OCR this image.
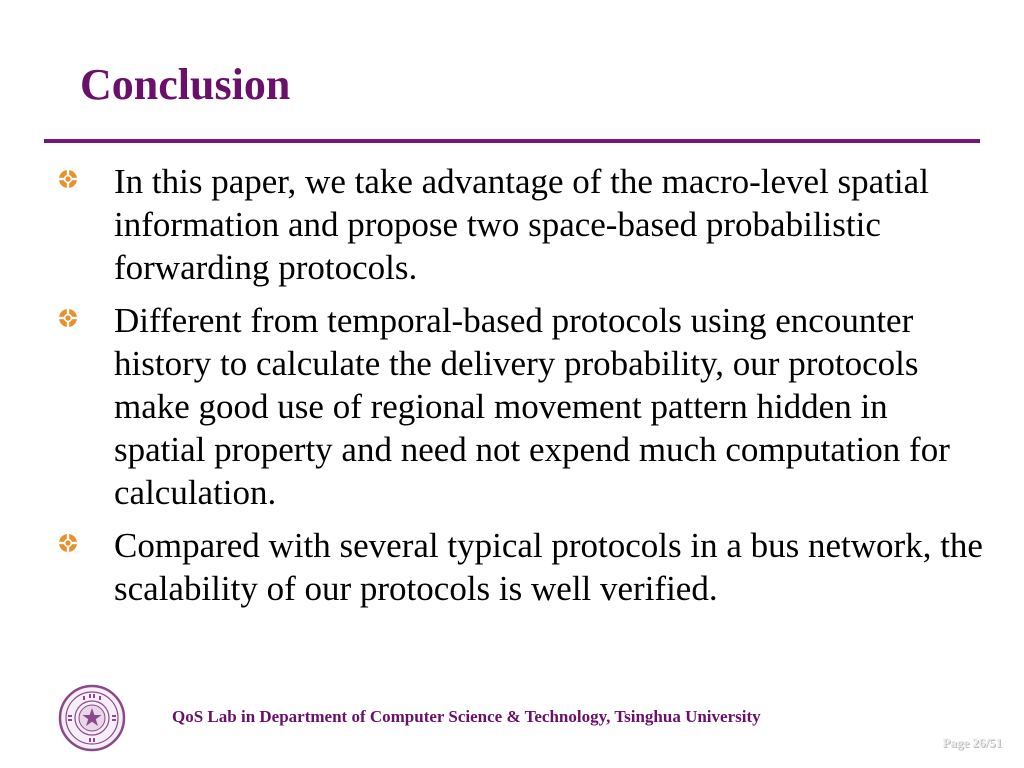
Conclusion
In this paper, we take advantage of the macro-level spatial information and propose two space-based probabilistic forwarding protocols.
Different from temporal-based protocols using encounter history to calculate the delivery probability, our protocols make good use of regional movement pattern hidden in spatial property and need not expend much computation for calculation.
Compared with several typical protocols in a bus network, the scalability of our protocols is well verified.
QoS Lab in Department of Computer Science & Technology, Tsinghua University
Page 26/51
